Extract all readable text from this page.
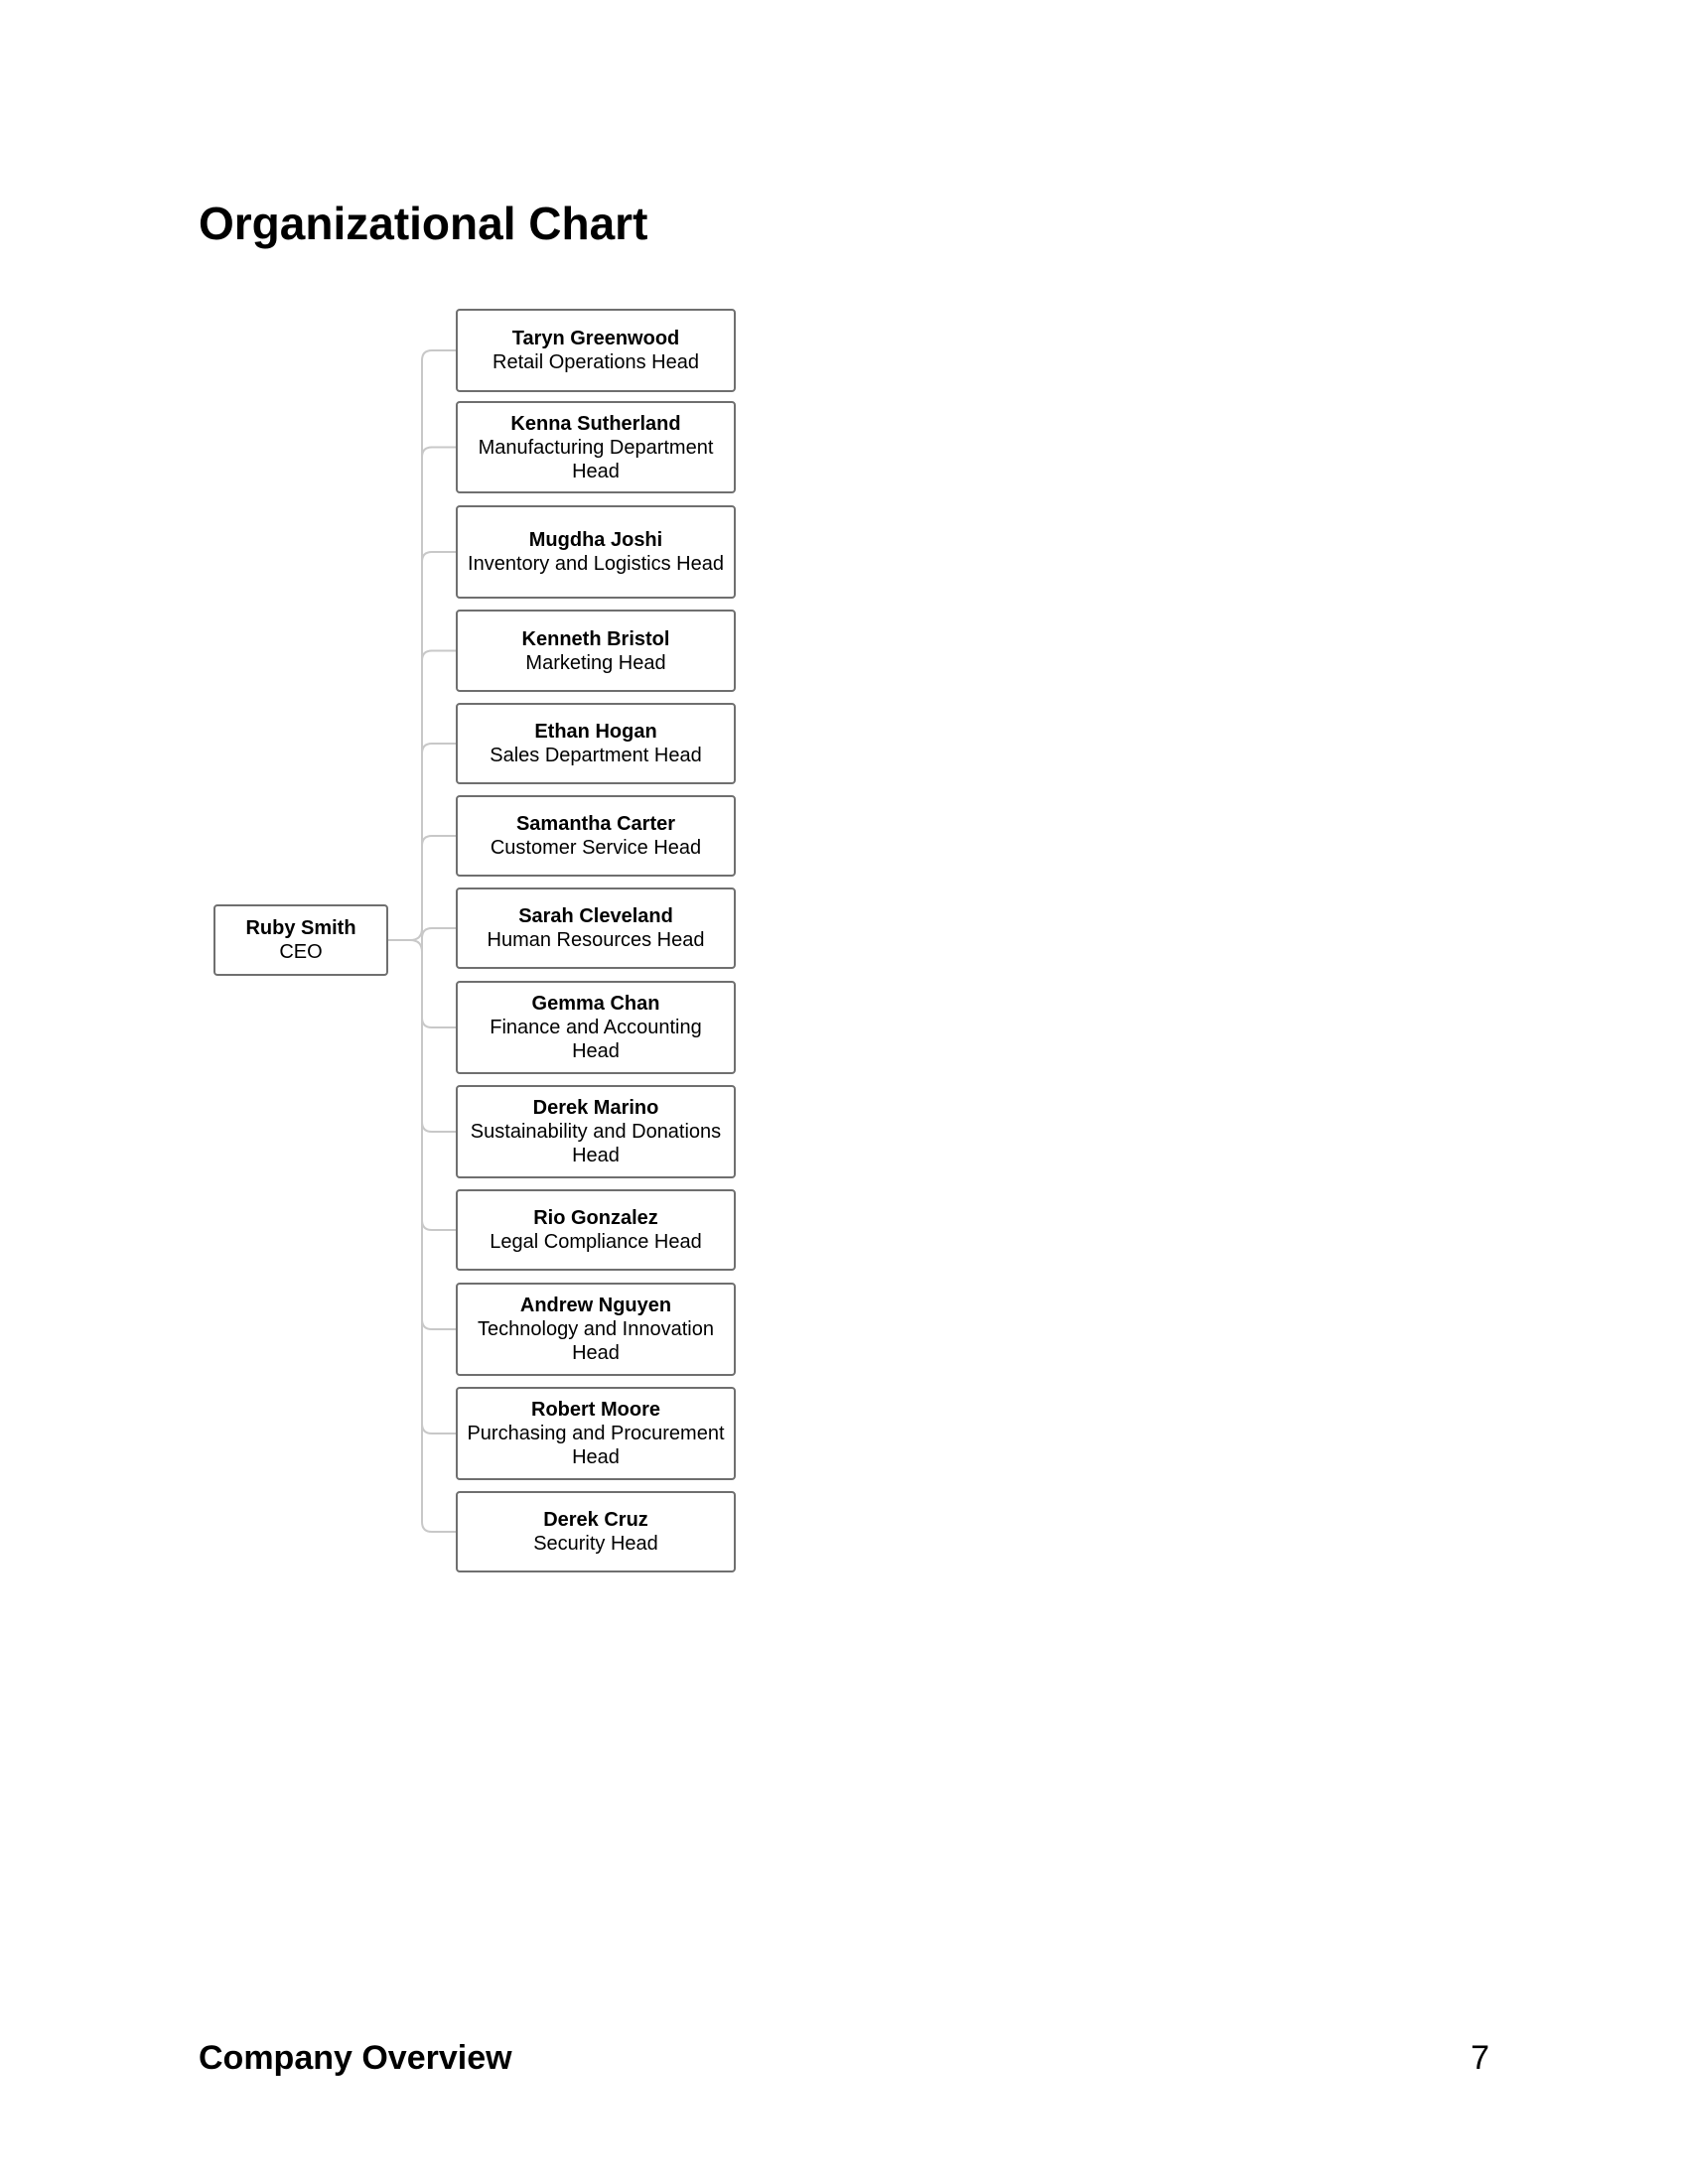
Organizational Chart
Ruby Smith
CEO
Taryn Greenwood
Retail Operations Head
Kenna Sutherland
Manufacturing Department Head
Mugdha Joshi
Inventory and Logistics Head
Kenneth Bristol
Marketing Head
Ethan Hogan
Sales Department Head
Samantha Carter
Customer Service Head
Sarah Cleveland
Human Resources Head
Gemma Chan
Finance and Accounting Head
Derek Marino
Sustainability and Donations Head
Rio Gonzalez
Legal Compliance Head
Andrew Nguyen
Technology and Innovation Head
Robert Moore
Purchasing and Procurement Head
Derek Cruz
Security Head
Company Overview	7
